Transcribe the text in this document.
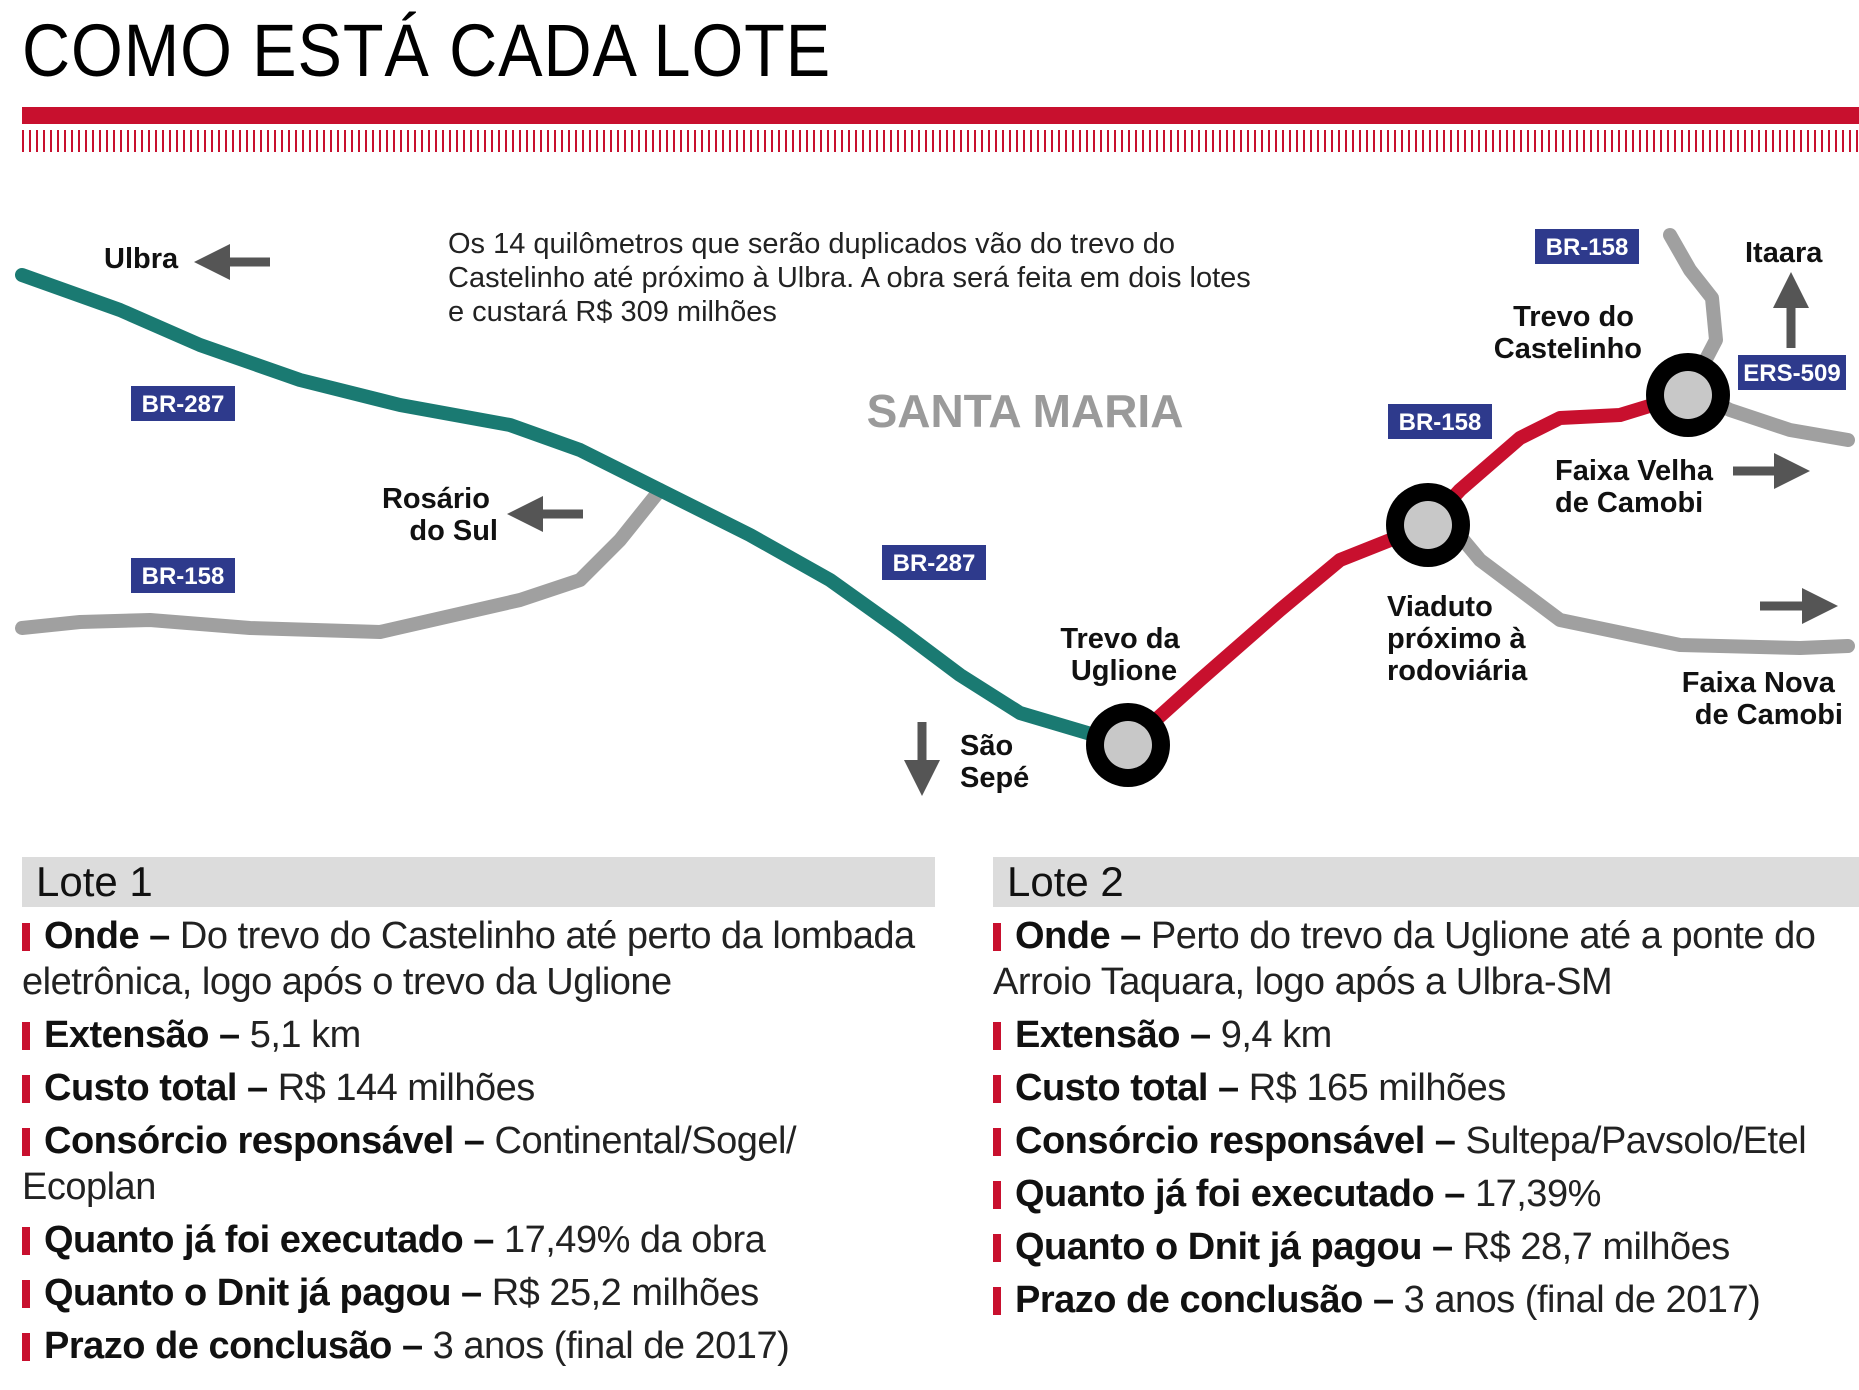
COMO ESTÁ CADA LOTE
BR-287
BR-287
BR-158
BR-158
BR-158
ERS-509
Os 14 quilômetros que serão duplicados vão do trevo do Castelinho até próximo à Ulbra. A obra será feita em dois lotes e custará R$ 309 milhões
SANTA MARIA
Ulbra
Rosário do Sul
São Sepé
Itaara
Faixa Velha de Camobi
Faixa Nova de Camobi
Trevo da Uglione
Viaduto próximo à rodoviária
Trevo do Castelinho
Lote 1
Onde – Do trevo do Castelinho até perto da lombada eletrônica, logo após o trevo da Uglione
Extensão – 5,1 km
Custo total – R$ 144 milhões
Consórcio responsável – Continental/Sogel/ Ecoplan
Quanto já foi executado – 17,49% da obra
Quanto o Dnit já pagou – R$ 25,2 milhões
Prazo de conclusão – 3 anos (final de 2017)
Lote 2
Onde – Perto do trevo da Uglione até a ponte do Arroio Taquara, logo após a Ulbra-SM
Extensão – 9,4 km
Custo total – R$ 165 milhões
Consórcio responsável – Sultepa/Pavsolo/Etel
Quanto já foi executado – 17,39%
Quanto o Dnit já pagou – R$ 28,7 milhões
Prazo de conclusão – 3 anos (final de 2017)
